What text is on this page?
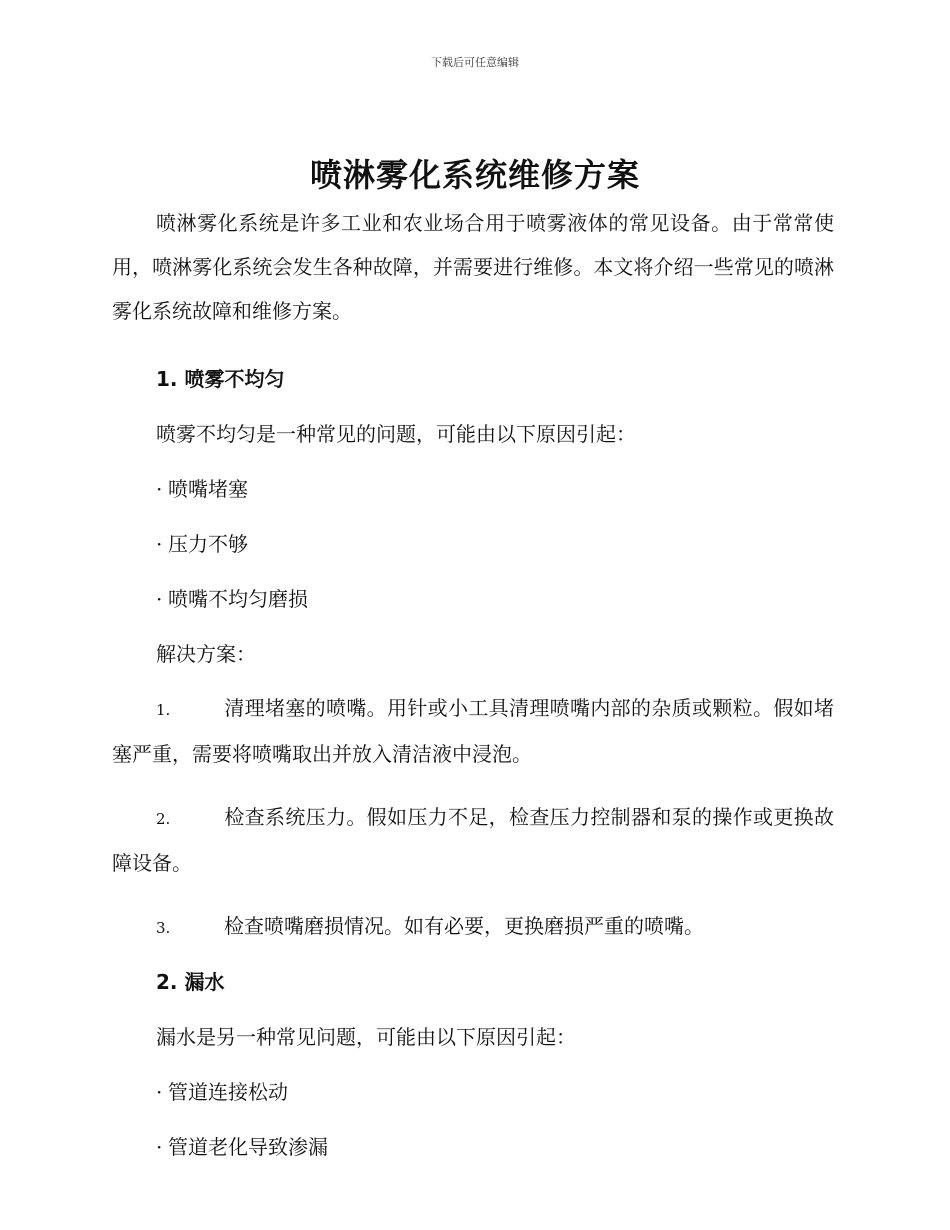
下载后可任意编辑
喷淋雾化系统维修方案

喷淋雾化系统是许多工业和农业场合用于喷雾液体的常见设备。由于常常使用，喷淋雾化系统会发生各种故障，并需要进行维修。本文将介绍一些常见的喷淋雾化系统故障和维修方案。

1. 喷雾不均匀

喷雾不均匀是一种常见的问题，可能由以下原因引起：

· 喷嘴堵塞

· 压力不够

· 喷嘴不均匀磨损

解决方案：

1.	清理堵塞的喷嘴。用针或小工具清理喷嘴内部的杂质或颗粒。假如堵塞严重，需要将喷嘴取出并放入清洁液中浸泡。

2.	检查系统压力。假如压力不足，检查压力控制器和泵的操作或更换故障设备。

3.	检查喷嘴磨损情况。如有必要，更换磨损严重的喷嘴。

2. 漏水

漏水是另一种常见问题，可能由以下原因引起：

· 管道连接松动

· 管道老化导致渗漏
